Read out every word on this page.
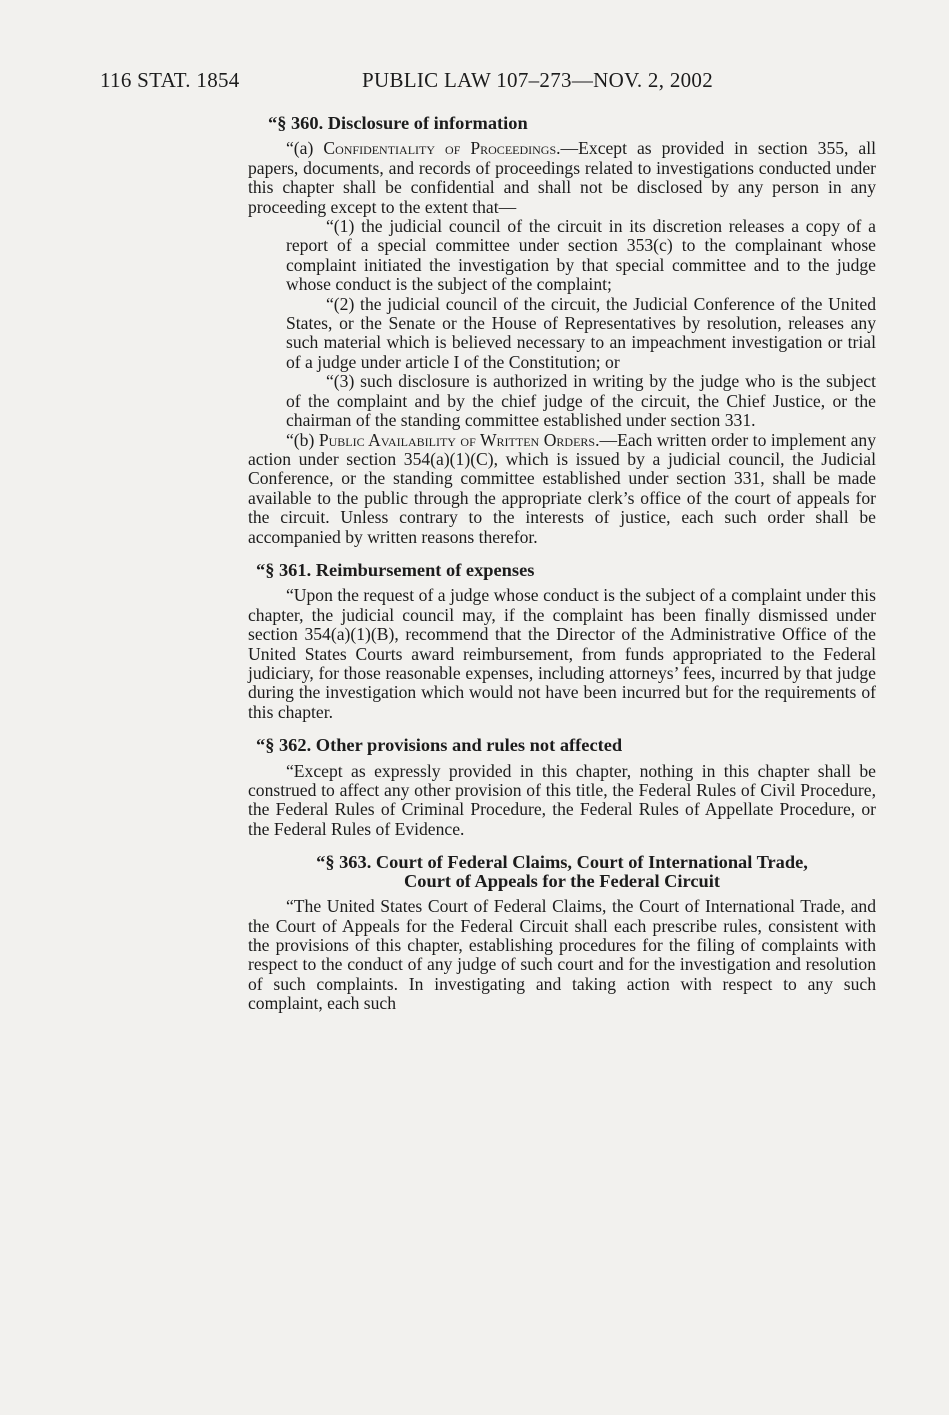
116 STAT. 1854	PUBLIC LAW 107–273—NOV. 2, 2002
“§ 360. Disclosure of information

“(a) Confidentiality of Proceedings.—Except as provided in section 355, all papers, documents, and records of proceedings related to investigations conducted under this chapter shall be confidential and shall not be disclosed by any person in any proceeding except to the extent that—

“(1) the judicial council of the circuit in its discretion releases a copy of a report of a special committee under section 353(c) to the complainant whose complaint initiated the investigation by that special committee and to the judge whose conduct is the subject of the complaint;

“(2) the judicial council of the circuit, the Judicial Conference of the United States, or the Senate or the House of Representatives by resolution, releases any such material which is believed necessary to an impeachment investigation or trial of a judge under article I of the Constitution; or

“(3) such disclosure is authorized in writing by the judge who is the subject of the complaint and by the chief judge of the circuit, the Chief Justice, or the chairman of the standing committee established under section 331.

“(b) Public Availability of Written Orders.—Each written order to implement any action under section 354(a)(1)(C), which is issued by a judicial council, the Judicial Conference, or the standing committee established under section 331, shall be made available to the public through the appropriate clerk’s office of the court of appeals for the circuit. Unless contrary to the interests of justice, each such order shall be accompanied by written reasons therefor.

“§ 361. Reimbursement of expenses

“Upon the request of a judge whose conduct is the subject of a complaint under this chapter, the judicial council may, if the complaint has been finally dismissed under section 354(a)(1)(B), recommend that the Director of the Administrative Office of the United States Courts award reimbursement, from funds appropriated to the Federal judiciary, for those reasonable expenses, including attorneys’ fees, incurred by that judge during the investigation which would not have been incurred but for the requirements of this chapter.

“§ 362. Other provisions and rules not affected

“Except as expressly provided in this chapter, nothing in this chapter shall be construed to affect any other provision of this title, the Federal Rules of Civil Procedure, the Federal Rules of Criminal Procedure, the Federal Rules of Appellate Procedure, or the Federal Rules of Evidence.

“§ 363. Court of Federal Claims, Court of International Trade,
Court of Appeals for the Federal Circuit

“The United States Court of Federal Claims, the Court of International Trade, and the Court of Appeals for the Federal Circuit shall each prescribe rules, consistent with the provisions of this chapter, establishing procedures for the filing of complaints with respect to the conduct of any judge of such court and for the investigation and resolution of such complaints. In investigating and taking action with respect to any such complaint, each such
